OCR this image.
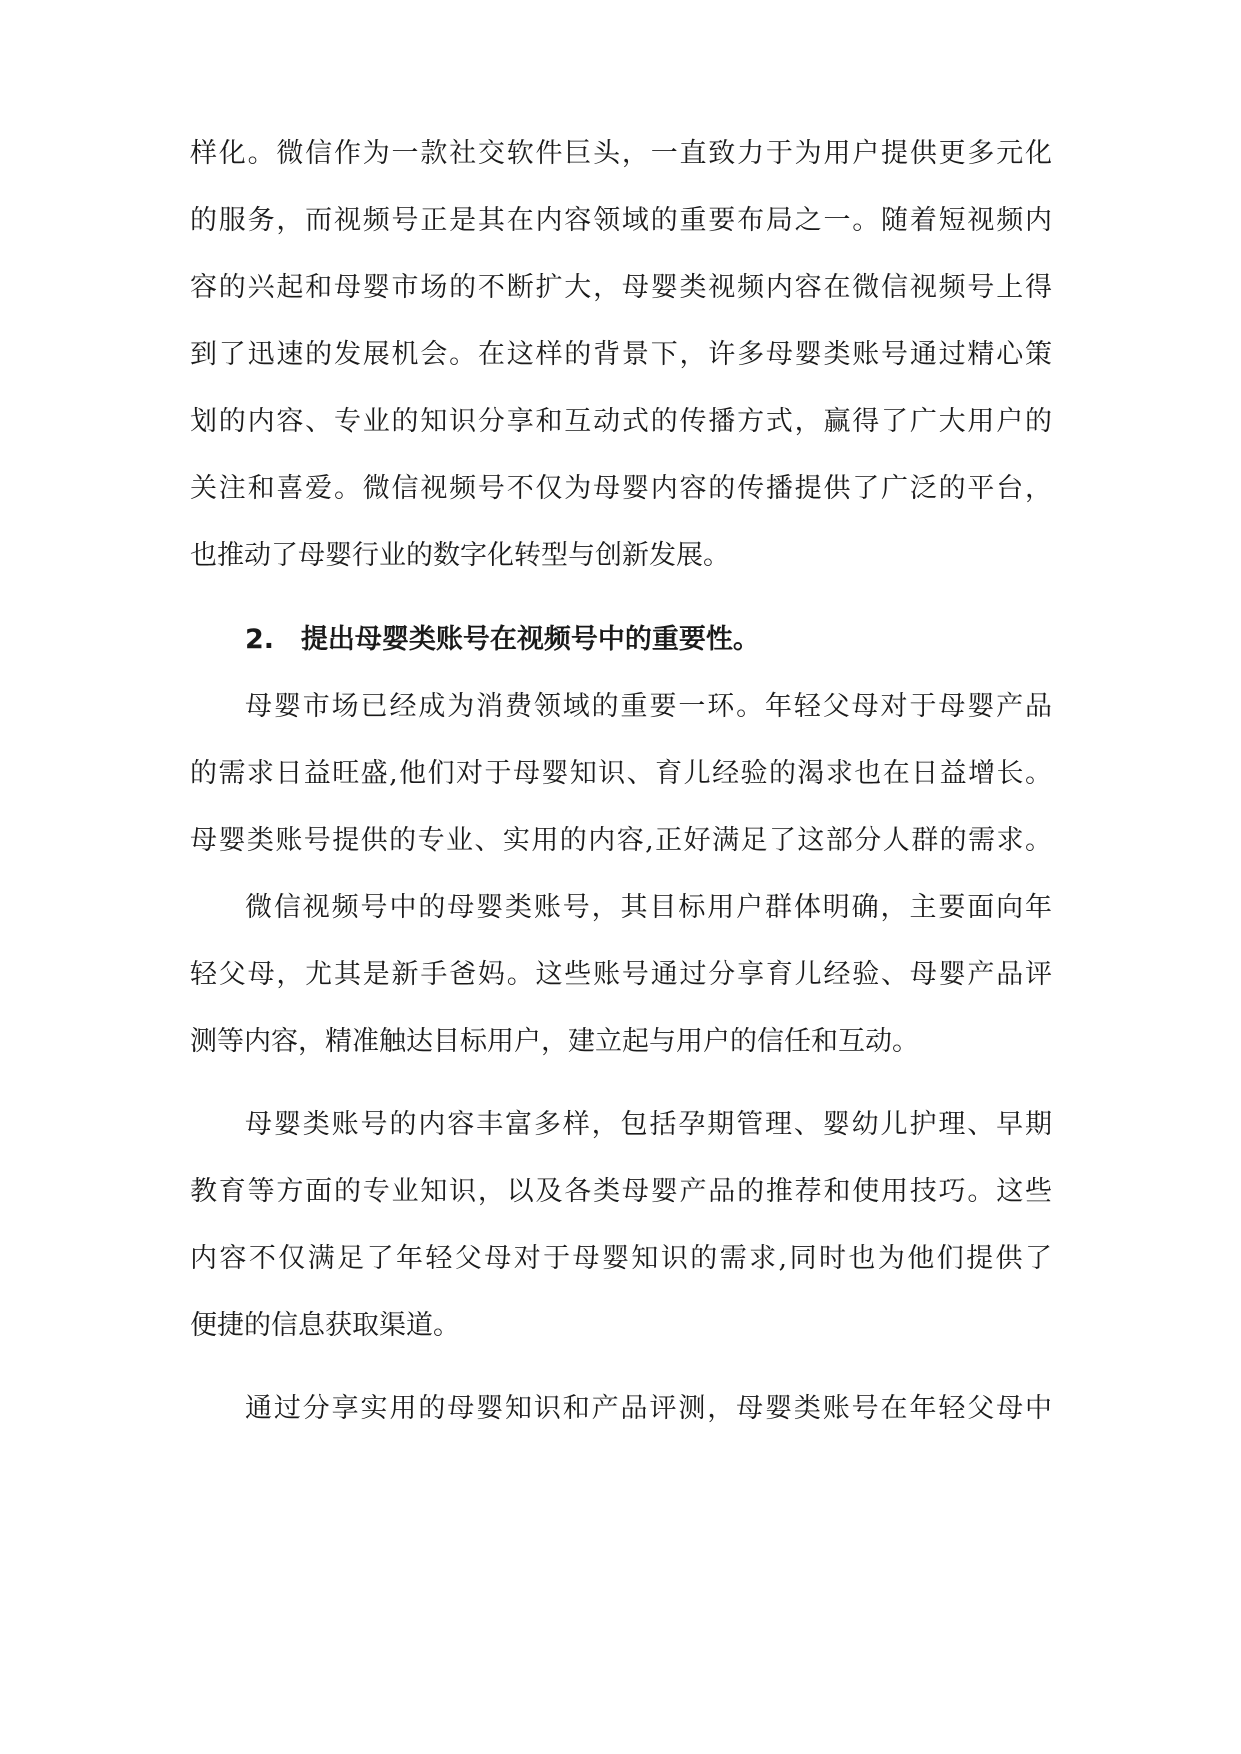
样化。微信作为一款社交软件巨头，一直致力于为用户提供更多元化
的服务，而视频号正是其在内容领域的重要布局之一。随着短视频内
容的兴起和母婴市场的不断扩大，母婴类视频内容在微信视频号上得
到了迅速的发展机会。在这样的背景下，许多母婴类账号通过精心策
划的内容、专业的知识分享和互动式的传播方式，赢得了广大用户的
关注和喜爱。微信视频号不仅为母婴内容的传播提供了广泛的平台，
也推动了母婴行业的数字化转型与创新发展。
2. 提出母婴类账号在视频号中的重要性。
母婴市场已经成为消费领域的重要一环。年轻父母对于母婴产品
的需求日益旺盛,他们对于母婴知识、育儿经验的渴求也在日益增长。
母婴类账号提供的专业、实用的内容,正好满足了这部分人群的需求。
微信视频号中的母婴类账号，其目标用户群体明确，主要面向年
轻父母，尤其是新手爸妈。这些账号通过分享育儿经验、母婴产品评
测等内容，精准触达目标用户，建立起与用户的信任和互动。
母婴类账号的内容丰富多样，包括孕期管理、婴幼儿护理、早期
教育等方面的专业知识，以及各类母婴产品的推荐和使用技巧。这些
内容不仅满足了年轻父母对于母婴知识的需求,同时也为他们提供了
便捷的信息获取渠道。
通过分享实用的母婴知识和产品评测，母婴类账号在年轻父母中
